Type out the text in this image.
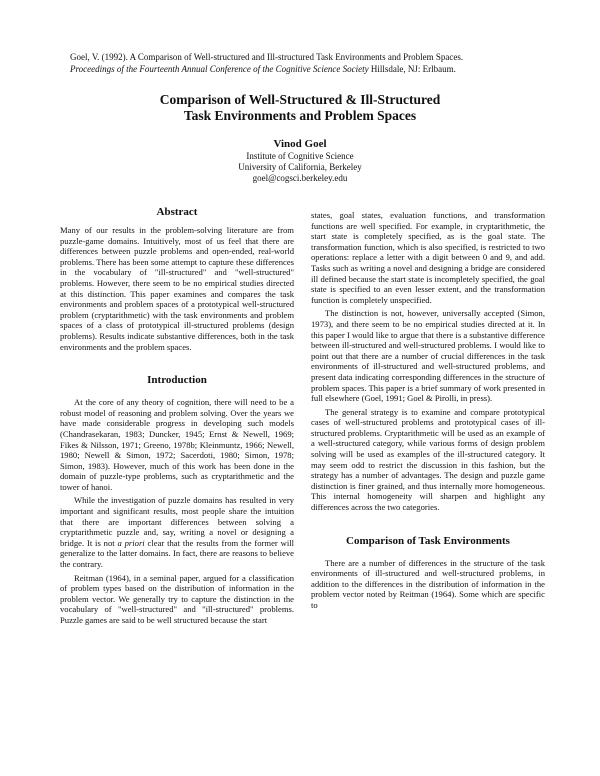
Goel, V. (1992). A Comparison of Well-structured and Ill-structured Task Environments and Problem Spaces.
Proceedings of the Fourteenth Annual Conference of the Cognitive Science Society Hillsdale, NJ: Erlbaum.
Comparison of Well-Structured & Ill-Structured
Task Environments and Problem Spaces
Vinod Goel
Institute of Cognitive Science
University of California, Berkeley
goel@cogsci.berkeley.edu
Abstract

Many of our results in the problem-solving literature are from puzzle-game domains. Intuitively, most of us feel that there are differences between puzzle problems and open-ended, real-world problems. There has been some attempt to capture these differences in the vocabulary of "ill-structured" and "well-structured" problems. However, there seem to be no empirical studies directed at this distinction. This paper examines and compares the task environments and problem spaces of a prototypical well-structured problem (cryptarithmetic) with the task environments and problem spaces of a class of prototypical ill-structured problems (design problems). Results indicate substantive differences, both in the task environments and the problem spaces.

Introduction

At the core of any theory of cognition, there will need to be a robust model of reasoning and problem solving. Over the years we have made considerable progress in developing such models (Chandrasekaran, 1983; Duncker, 1945; Ernst & Newell, 1969; Fikes & Nilsson, 1971; Greeno, 1978b; Kleinmuntz, 1966; Newell, 1980; Newell & Simon, 1972; Sacerdoti, 1980; Simon, 1978; Simon, 1983). However, much of this work has been done in the domain of puzzle-type problems, such as cryptarithmetic and the tower of hanoi.

While the investigation of puzzle domains has resulted in very important and significant results, most people share the intuition that there are important differences between solving a cryptarithmetic puzzle and, say, writing a novel or designing a bridge. It is not a priori clear that the results from the former will generalize to the latter domains. In fact, there are reasons to believe the contrary.

Reitman (1964), in a seminal paper, argued for a classification of problem types based on the distribution of information in the problem vector. We generally try to capture the distinction in the vocabulary of "well-structured" and "ill-structured" problems. Puzzle games are said to be well structured because the start

states, goal states, evaluation functions, and transformation functions are well specified. For example, in cryptarithmetic, the start state is completely specified, as is the goal state. The transformation function, which is also specified, is restricted to two operations: replace a letter with a digit between 0 and 9, and add. Tasks such as writing a novel and designing a bridge are considered ill defined because the start state is incompletely specified, the goal state is specified to an even lesser extent, and the transformation function is completely unspecified.

The distinction is not, however, universally accepted (Simon, 1973), and there seem to be no empirical studies directed at it. In this paper I would like to argue that there is a substantive difference between ill-structured and well-structured problems. I would like to point out that there are a number of crucial differences in the task environments of ill-structured and well-structured problems, and present data indicating corresponding differences in the structure of problem spaces. This paper is a brief summary of work presented in full elsewhere (Goel, 1991; Goel & Pirolli, in press).

The general strategy is to examine and compare prototypical cases of well-structured problems and prototypical cases of ill-structured problems. Cryptarithmetic will be used as an example of a well-structured category, while various forms of design problem solving will be used as examples of the ill-structured category. It may seem odd to restrict the discussion in this fashion, but the strategy has a number of advantages. The design and puzzle game distinction is finer grained, and thus internally more homogeneous. This internal homogeneity will sharpen and highlight any differences across the two categories.

Comparison of Task Environments

There are a number of differences in the structure of the task environments of ill-structured and well-structured problems, in addition to the differences in the distribution of information in the problem vector noted by Reitman (1964). Some which are specific to
